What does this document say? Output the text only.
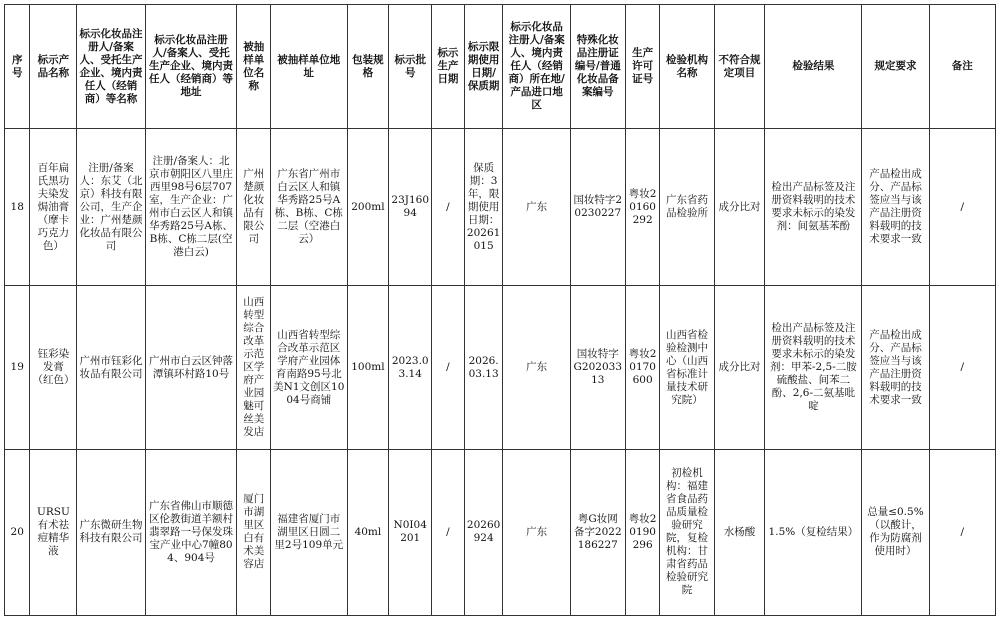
序号	标示产品名称	标示化妆品注册人/备案人、受托生产企业、境内责任人（经销商）等名称	标示化妆品注册人/备案人、受托生产企业、境内责任人（经销商）等地址	被抽样单位名称	被抽样单位地址	包装规格	标示批号	标示生产日期	标示限期使用日期/保质期	标示化妆品注册人/备案人、境内责任人（经销商）所在地/产品进口地区	特殊化妆品注册证编号/普通化妆品备案编号	生产许可证号	检验机构名称	不符合规定项目	检验结果	规定要求	备注
18	百年扁氏黑功夫染发焗油膏（摩卡巧克力色）	注册/备案人：东艾（北京）科技有限公司，生产企业：广州楚颜化妆品有限公司	注册/备案人：北京市朝阳区八里庄西里98号6层707室，生产企业：广州市白云区人和镇华秀路25号A栋、B栋、C栋二层(空港白云)	广州楚颜化妆品有限公司	广东省广州市白云区人和镇华秀路25号A栋、B栋、C栋二层（空港白云）	200ml	23J16094	/	保质期：3年，限期使用日期：20261015	广东	国妆特字20230227	粤妆20160292	广东省药品检验所	成分比对	检出产品标签及注册资料载明的技术要求未标示的染发剂：间氨基苯酚	产品检出成分、产品标签应当与该产品注册资料载明的技术要求一致	/
19	钰彩染发膏（红色）	广州市钰彩化妆品有限公司	广州市白云区钟落潭镇环村路10号	山西转型综合改革示范区学府产业园魅可丝美发店	山西省转型综合改革示范区学府产业园体育南路95号北美N1文创区1004号商铺	100ml	2023.03.14	/	2026.03.13	广东	国妆特字G20203313	粤妆20170600	山西省检验检测中心（山西省标准计量技术研究院）	成分比对	检出产品标签及注册资料载明的技术要求未标示的染发剂：甲苯-2,5-二胺硫酸盐、间苯二酚、2,6-二氨基吡啶	产品检出成分、产品标签应当与该产品注册资料载明的技术要求一致	/
20	URSU有术祛痘精华液	广东微研生物科技有限公司	广东省佛山市顺德区伦教街道羊额村翡翠路一号保发珠宝产业中心7幢804、904号	厦门市湖里区白有术美容店	福建省厦门市湖里区日圆二里2号109单元	40ml	N0I04201	/	20260924	广东	粤G妆网备字2022186227	粤妆20190296	初检机构：福建省食品药品质量检验研究院，复检机构：甘肃省药品检验研究院	水杨酸	1.5%（复检结果）	总量≤0.5%（以酸计，作为防腐剂使用时）	/
